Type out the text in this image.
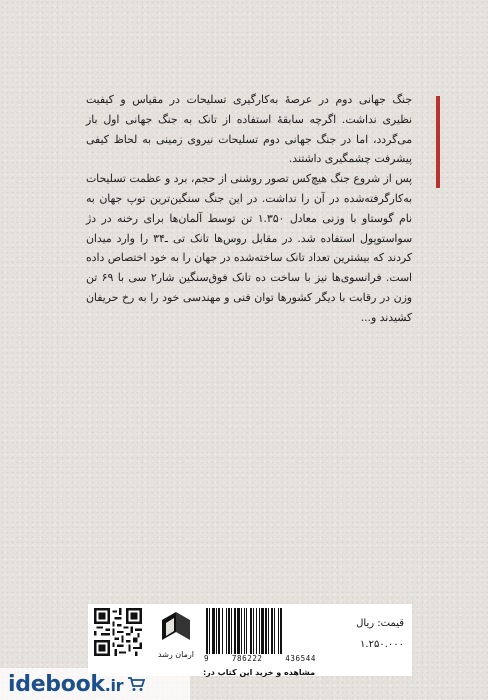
جنگ جهانی دوم در عرصهٔ به‌کارگیری تسلیحات در مقیاس و کیفیت نظیری نداشت. اگرچه سابقهٔ استفاده از تانک به جنگ جهانی اول باز می‌گردد، اما در جنگ جهانی دوم تسلیحات نیروی زمینی به لحاظ کیفی پیشرفت چشمگیری داشتند.

پس از شروع جنگ هیچ‌کس تصور روشنی از حجم، برد و عظمت تسلیحات به‌کارگرفته‌شده در آن را نداشت. در این جنگ سنگین‌ترین توپ جهان به نام گوستاو با وزنی معادل ۱.۳۵۰ تن توسط آلمان‌ها برای رخنه در دژ سواستوپول استفاده شد. در مقابل روس‌ها تانک تی ـ۳۴ را وارد میدان کردند که بیشترین تعداد تانک ساخته‌شده در جهان را به خود اختصاص داده است. فرانسوی‌ها نیز با ساخت ده تانک فوق‌سنگین شار۲ سی با ۶۹ تن وزن در رقابت با دیگر کشورها توان فنی و مهندسی خود را به رخ حریفان کشیدند و...

ارمان رشد 9	786222	436544
مشاهده و خرید این کتاب در:
قیمت: ریال
۱.۲۵۰.۰۰۰
idebook.ir
